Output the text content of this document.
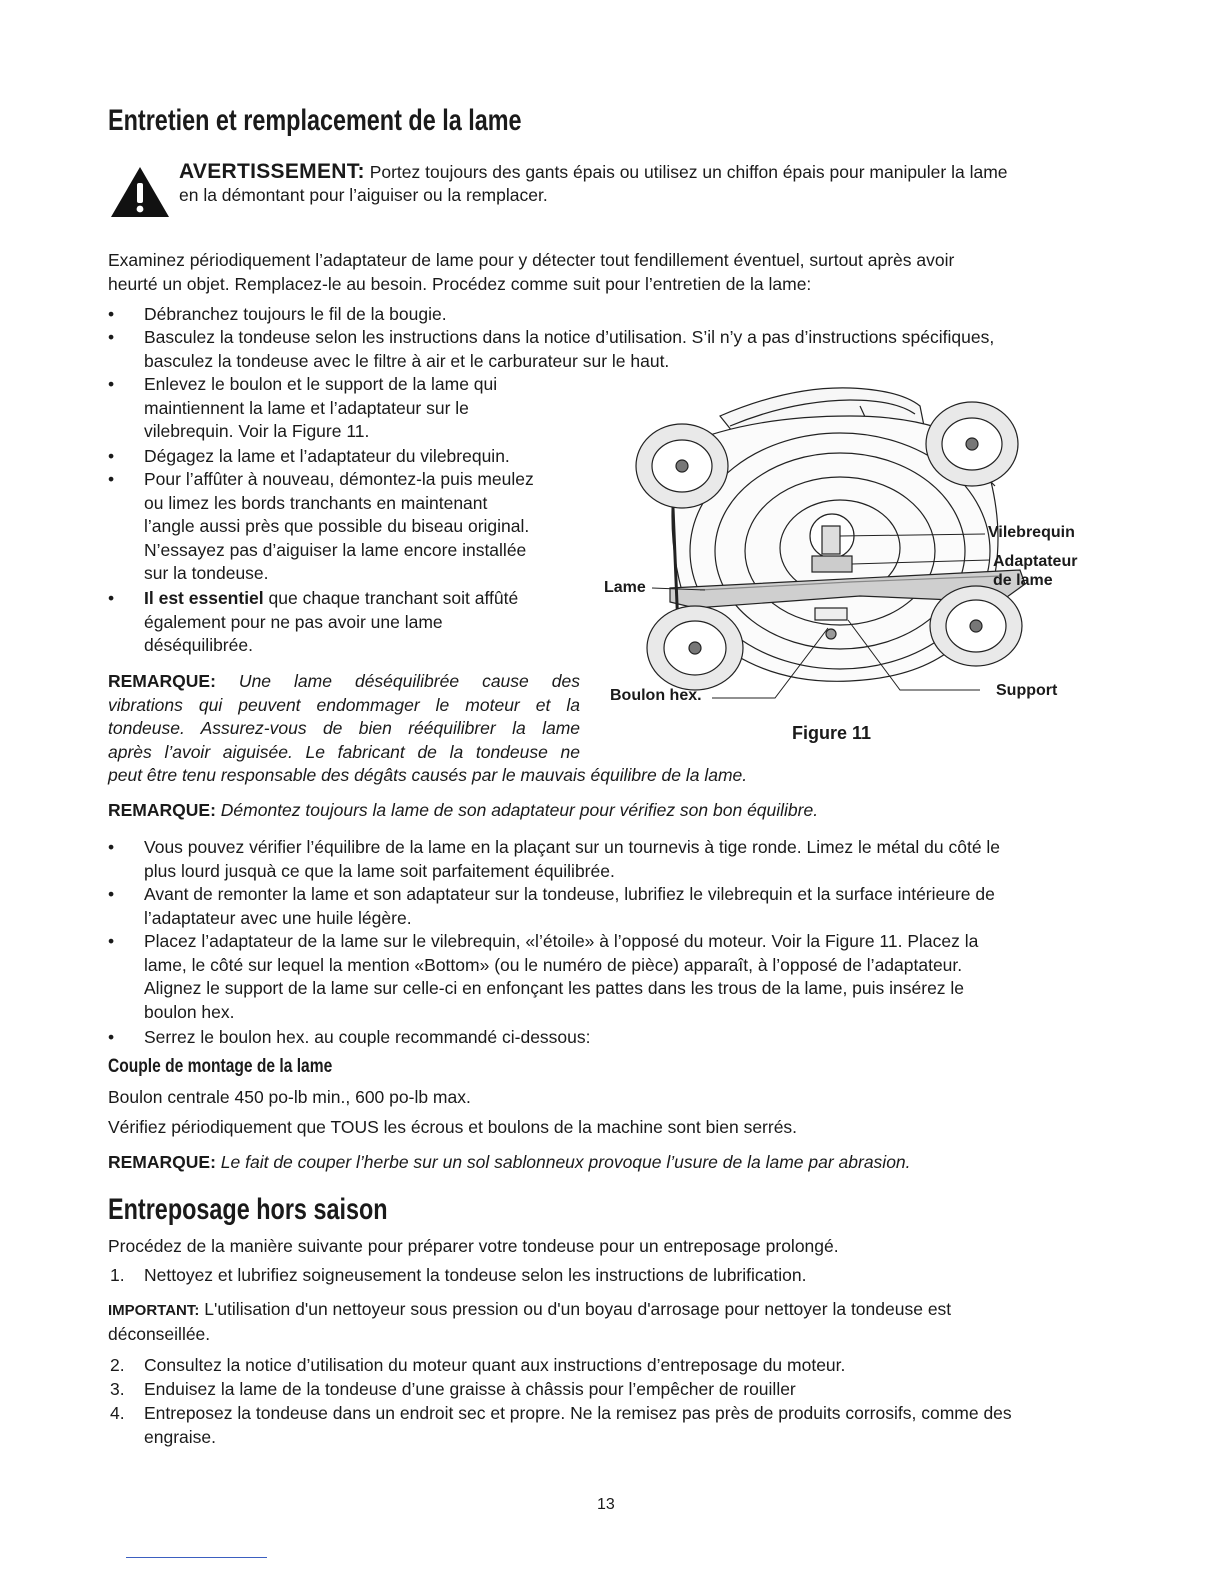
Entretien et remplacement de la lame
AVERTISSEMENT: Portez toujours des gants épais ou utilisez un chiffon épais pour manipuler la lame
en la démontant pour l’aiguiser ou la remplacer.
Examinez périodiquement l’adaptateur de lame pour y détecter tout fendillement éventuel, surtout après avoir
heurté un objet. Remplacez-le au besoin. Procédez comme suit pour l’entretien de la lame:
•	Débranchez toujours le fil de la bougie.
•	Basculez la tondeuse selon les instructions dans la notice d’utilisation. S’il n’y a pas d’instructions spécifiques,
basculez la tondeuse avec le filtre à air et le carburateur sur le haut.
•	Enlevez le boulon et le support de la lame qui
maintiennent la lame et l’adaptateur sur le
vilebrequin. Voir la Figure 11.
•	Dégagez la lame et l’adaptateur du vilebrequin.
•	Pour l’affûter à nouveau, démontez-la puis meulez
ou limez les bords tranchants en maintenant
l’angle aussi près que possible du biseau original.
N’essayez pas d’aiguiser la lame encore installée
sur la tondeuse.
•	Il est essentiel que chaque tranchant soit affûté
également pour ne pas avoir une lame
déséquilibrée.
REMARQUE: Une lame déséquilibrée cause des
vibrations qui peuvent endommager le moteur et la
tondeuse. Assurez-vous de bien rééquilibrer la lame
après l’avoir aiguisée. Le fabricant de la tondeuse ne
peut être tenu responsable des dégâts causés par le mauvais équilibre de la lame.
Vilebrequin
Adaptateur
de lame
Lame
Boulon hex.	Support
Figure 11
REMARQUE: Démontez toujours la lame de son adaptateur pour vérifiez son bon équilibre.
•	Vous pouvez vérifier l’équilibre de la lame en la plaçant sur un tournevis à tige ronde. Limez le métal du côté le
plus lourd jusquà ce que la lame soit parfaitement équilibrée.
•	Avant de remonter la lame et son adaptateur sur la tondeuse, lubrifiez le vilebrequin et la surface intérieure de
l’adaptateur avec une huile légère.
•	Placez l’adaptateur de la lame sur le vilebrequin, «l’étoile» à l’opposé du moteur. Voir la Figure 11. Placez la
lame, le côté sur lequel la mention «Bottom» (ou le numéro de pièce) apparaît, à l’opposé de l’adaptateur.
Alignez le support de la lame sur celle-ci en enfonçant les pattes dans les trous de la lame, puis insérez le
boulon hex.
•	Serrez le boulon hex. au couple recommandé ci-dessous:
Couple de montage de la lame
Boulon centrale 450 po-lb min., 600 po-lb max.
Vérifiez périodiquement que TOUS les écrous et boulons de la machine sont bien serrés.
REMARQUE: Le fait de couper l’herbe sur un sol sablonneux provoque l’usure de la lame par abrasion.
Entreposage hors saison
Procédez de la manière suivante pour préparer votre tondeuse pour un entreposage prolongé.
1. Nettoyez et lubrifiez soigneusement la tondeuse selon les instructions de lubrification.
IMPORTANT: L'utilisation d'un nettoyeur sous pression ou d'un boyau d'arrosage pour nettoyer la tondeuse est
déconseillée.
2. Consultez la notice d’utilisation du moteur quant aux instructions d’entreposage du moteur.
3. Enduisez la lame de la tondeuse d’une graisse à châssis pour l’empêcher de rouiller
4. Entreposez la tondeuse dans un endroit sec et propre. Ne la remisez pas près de produits corrosifs, comme des
engraise.
13
